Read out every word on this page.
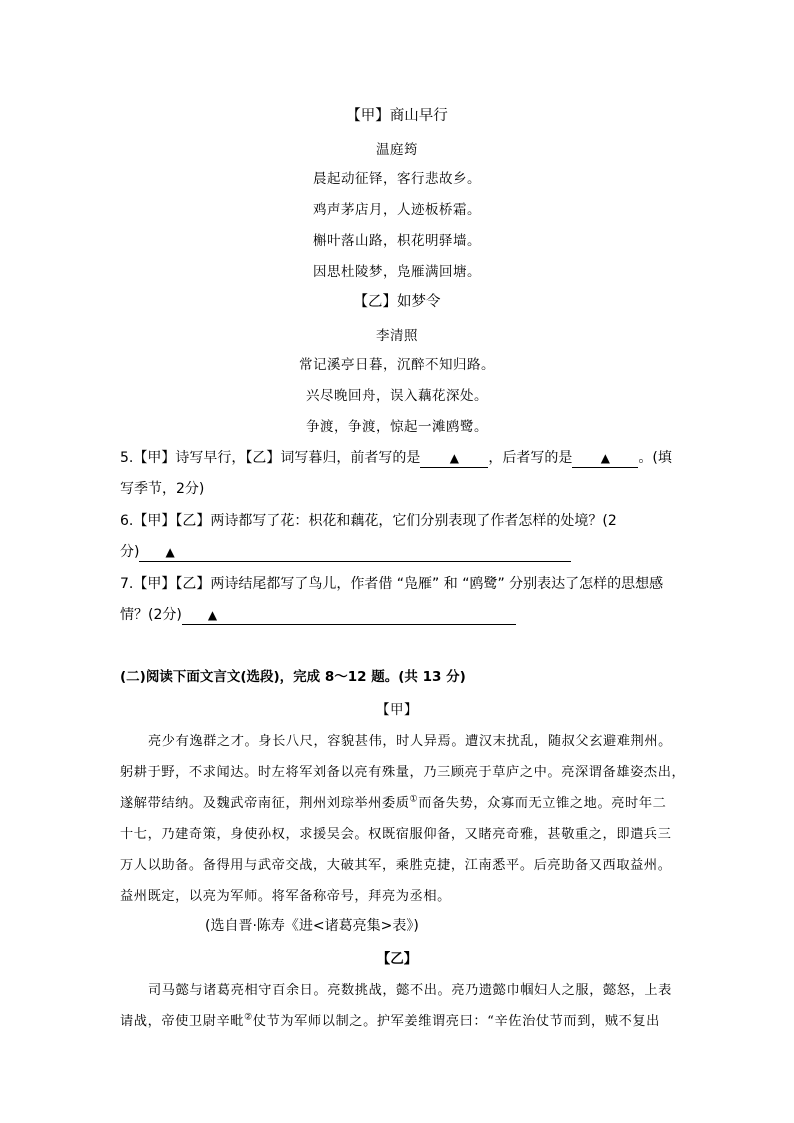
【甲】商山早行
温庭筠
晨起动征铎，客行悲故乡。
鸡声茅店月，人迹板桥霜。
槲叶落山路，枳花明驿墙。
因思杜陵梦，凫雁满回塘。
【乙】如梦令
李清照
常记溪亭日暮，沉醉不知归路。
兴尽晚回舟，误入藕花深处。
争渡，争渡，惊起一滩鸥鹭。
5.【甲】诗写早行，【乙】词写暮归，前者写的是 ▲ ，后者写的是 ▲ 。(填
写季节，2分)
6.【甲】【乙】两诗都写了花：枳花和藕花，它们分别表现了作者怎样的处境？(2
分) ▲
7.【甲】【乙】两诗结尾都写了鸟儿，作者借 “凫雁” 和 “鸥鹭” 分别表达了怎样的思想感
情？(2分) ▲
(二)阅读下面文言文(选段)，完成 8～12 题。(共 13 分)
【甲】
亮少有逸群之才。身长八尺，容貌甚伟，时人异焉。遭汉末扰乱，随叔父玄避难荆州。
躬耕于野，不求闻达。时左将军刘备以亮有殊量，乃三顾亮于草庐之中。亮深谓备雄姿杰出，
遂解带结纳。及魏武帝南征，荆州刘琮举州委质①而备失势，众寡而无立锥之地。亮时年二
十七，乃建奇策，身使孙权，求援吴会。权既宿服仰备，又睹亮奇雅，甚敬重之，即遣兵三
万人以助备。备得用与武帝交战，大破其军，乘胜克捷，江南悉平。后亮助备又西取益州。
益州既定，以亮为军师。将军备称帝号，拜亮为丞相。
(选自晋·陈寿《进<诸葛亮集>表》)
【乙】
司马懿与诸葛亮相守百余日。亮数挑战，懿不出。亮乃遗懿巾帼妇人之服，懿怒，上表
请战，帝使卫尉辛毗②仗节为军师以制之。护军姜维谓亮曰：“辛佐治仗节而到，贼不复出
